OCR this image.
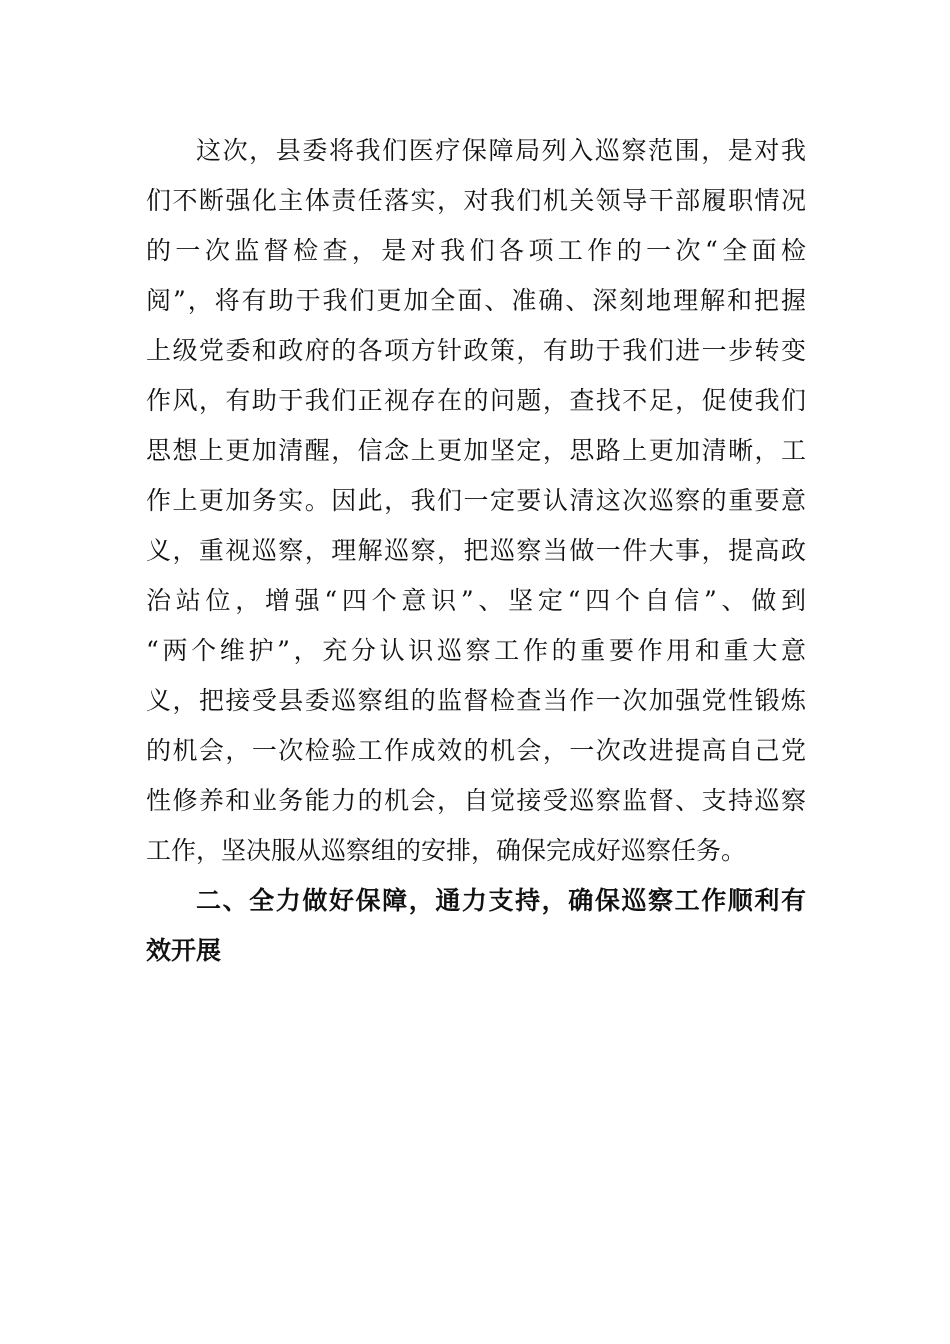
这次，县委将我们医疗保障局列入巡察范围，是对我
们不断强化主体责任落实，对我们机关领导干部履职情况
的一次监督检查，是对我们各项工作的一次“全面检
阅”，将有助于我们更加全面、准确、深刻地理解和把握
上级党委和政府的各项方针政策，有助于我们进一步转变
作风，有助于我们正视存在的问题，查找不足，促使我们
思想上更加清醒，信念上更加坚定，思路上更加清晰，工
作上更加务实。因此，我们一定要认清这次巡察的重要意
义，重视巡察，理解巡察，把巡察当做一件大事，提高政
治站位，增强“四个意识”、坚定“四个自信”、做到
“两个维护”，充分认识巡察工作的重要作用和重大意
义，把接受县委巡察组的监督检查当作一次加强党性锻炼
的机会，一次检验工作成效的机会，一次改进提高自己党
性修养和业务能力的机会，自觉接受巡察监督、支持巡察
工作，坚决服从巡察组的安排，确保完成好巡察任务。
二、全力做好保障，通力支持，确保巡察工作顺利有
效开展
